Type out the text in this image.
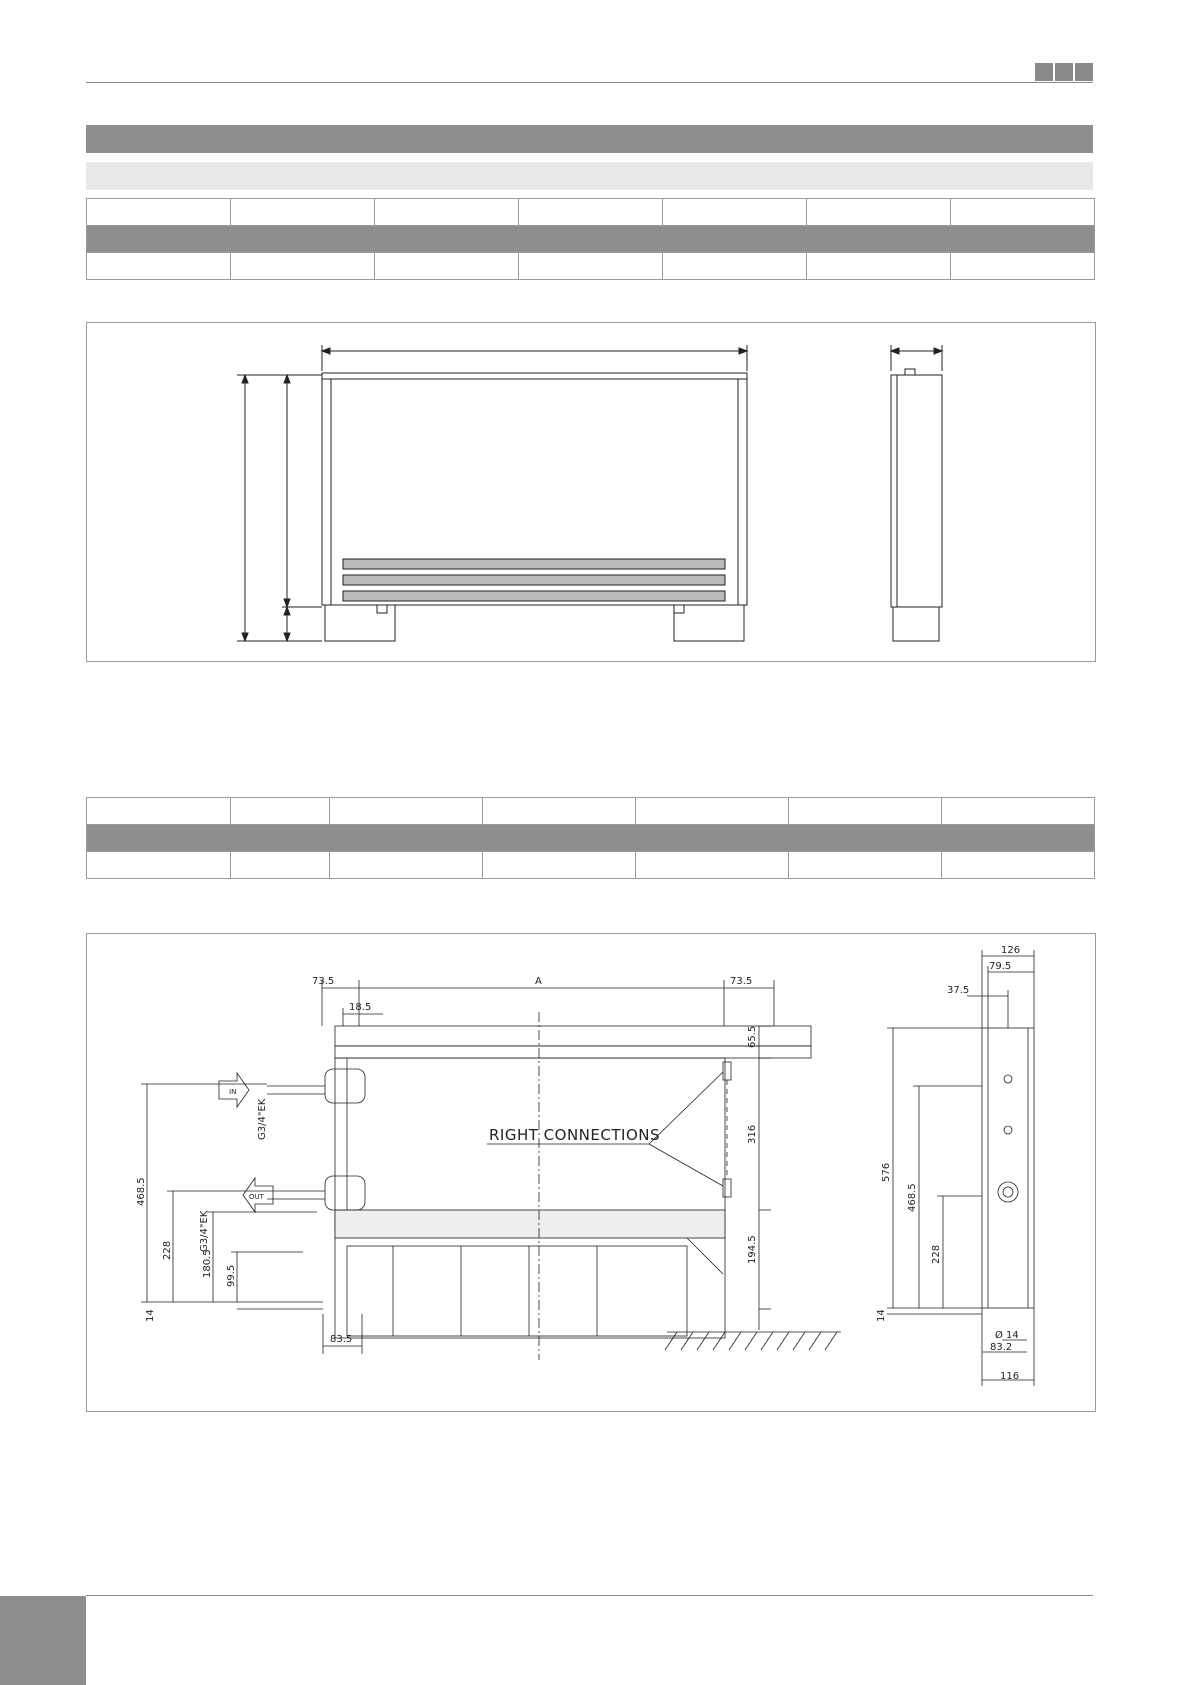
73.5	A	73.5
18.5
65.5
316
194.5
468.5
228	180.5 99.5
14
83.5
RIGHT CONNECTIONS
IN
OUT
G3/4"EK
G3/4"EK
126
79.5
37.5
576
468.5
228
14
Ø 14
83.2
116
